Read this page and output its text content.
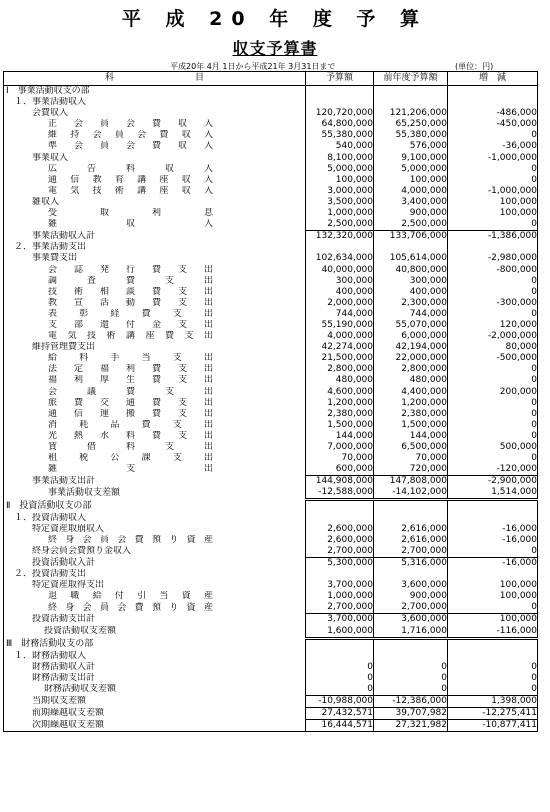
平 成 20 年 度 予 算
収支予算書
平成20年 4月 1日から平成21年 3月31日まで	(単位：円)
科　　　　　　　　　目	予算額	前年度予算額	増　減

Ⅰ　事業活動収支の部			

１．事業活動収入			

会費収入	120,720,000	121,206,000	-486,000

正会員会費収入	64,800,000	65,250,000	-450,000

維持会員会費収入	55,380,000	55,380,000	0

準会員会費収入	540,000	576,000	-36,000

事業収入	8,100,000	9,100,000	-1,000,000

広告料収入	5,000,000	5,000,000	0

通信教育講座収入	100,000	100,000	0

電気技術講座収入	3,000,000	4,000,000	-1,000,000

雑収入	3,500,000	3,400,000	100,000

受取利息	1,000,000	900,000	100,000

雑収入	2,500,000	2,500,000	0

事業活動収入計	132,320,000	133,706,000	-1,386,000

２．事業活動支出			

事業費支出	102,634,000	105,614,000	-2,980,000

会誌発行費支出	40,000,000	40,800,000	-800,000

調査費支出	300,000	300,000	0

技術相談費支出	400,000	400,000	0

教宣活動費支出	2,000,000	2,300,000	-300,000

表彰経費支出	744,000	744,000	0

支部還付金支出	55,190,000	55,070,000	120,000

電気技術講座費支出	4,000,000	6,000,000	-2,000,000

維持管理費支出	42,274,000	42,194,000	80,000

給料手当支出	21,500,000	22,000,000	-500,000

法定福利費支出	2,800,000	2,800,000	0

福利厚生費支出	480,000	480,000	0

会議費支出	4,600,000	4,400,000	200,000

旅費交通費支出	1,200,000	1,200,000	0

通信運搬費支出	2,380,000	2,380,000	0

消耗品費支出	1,500,000	1,500,000	0

光熱水料費支出	144,000	144,000	0

賃借料支出	7,000,000	6,500,000	500,000

租税公課支出	70,000	70,000	0

雑支出	600,000	720,000	-120,000

事業活動支出計	144,908,000	147,808,000	-2,900,000

事業活動収支差額	-12,588,000	-14,102,000	1,514,000

Ⅱ　投資活動収支の部			

１．投資活動収入			

特定資産取崩収入	2,600,000	2,616,000	-16,000

終身会員会費預り資産	2,600,000	2,616,000	-16,000

終身会員会費預り金収入	2,700,000	2,700,000	0

投資活動収入計	5,300,000	5,316,000	-16,000

２．投資活動支出			

特定資産取得支出	3,700,000	3,600,000	100,000

退職給付引当資産	1,000,000	900,000	100,000

終身会員会費預り資産	2,700,000	2,700,000	0

投資活動支出計	3,700,000	3,600,000	100,000

投資活動収支差額	1,600,000	1,716,000	-116,000

Ⅲ　財務活動収支の部			

１．財務活動収入			

財務活動収入計	0	0	0

財務活動支出計	0	0	0

財務活動収支差額	0	0	0

当期収支差額	-10,988,000	-12,386,000	1,398,000

前期繰越収支差額	27,432,571	39,707,982	-12,275,411

次期繰越収支差額	16,444,571	27,321,982	-10,877,411
